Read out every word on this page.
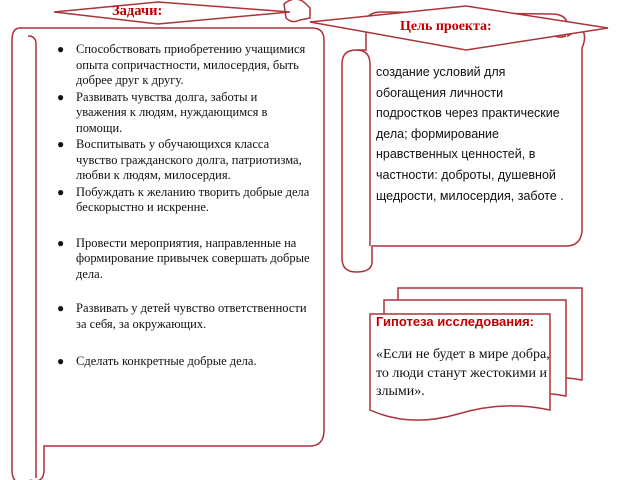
Задачи:
Цель проекта:
● Способствовать приобретению учащимися опыта сопричастности, милосердия, быть добрее друг к другу.
● Развивать чувства долга, заботы и уважения к людям, нуждающимся в помощи.
● Воспитывать у обучающихся класса чувство гражданского долга, патриотизма, любви к людям, милосердия.
● Побуждать к желанию творить добрые дела бескорыстно и искренне.
● Провести мероприятия, направленные на формирование привычек совершать добрые дела.
● Развивать у детей чувство ответственности за себя, за окружающих.
● Сделать конкретные добрые дела.
создание условий для обогащения личности подростков через практические дела; формирование нравственных ценностей, в частности: доброты, душевной щедрости, милосердия, заботе .
Гипотеза исследования:
«Если не будет в мире добра, то люди станут жестокими и злыми».
